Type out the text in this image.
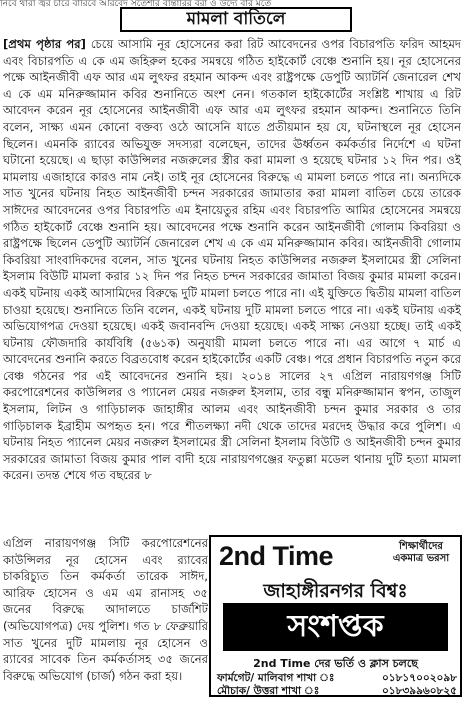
নিবে থারা জ্বর চারে বারিবে আরবেদ সতেশার বান্তারির বরা ও উদ্যে বার মতে
মামলা বাতিলে

[প্রথম পৃষ্ঠার পর] চেয়ে আসামি নূর হোসেনের করা রিট আবেদনের ওপর বিচারপতি ফরিদ আহমদ এবং বিচারপতি এ কে এম জহিরুল হকের সমন্বয়ে গঠিত হাইকোর্ট বেঞ্চে শুনানি হয়। নূর হোসেনের পক্ষে আইনজীবী এফ আর এম লুৎফর রহমান আকন্দ এবং রাষ্ট্রপক্ষে ডেপুটি অ্যাটর্নি জেনারেল শেখ এ কে এম মনিরুজ্জামান কবির শুনানিতে অংশ নেন। গতকাল হাইকোর্টের সংশ্লিষ্ট শাখায় এ রিট আবেদন করেন নূর হোসেনের আইনজীবী এফ আর এম লুৎফর রহমান আকন্দ। শুনানিতে তিনি বলেন, সাক্ষ্য এমন কোনো বক্তব্য ওঠে আসেনি যাতে প্রতীয়মান হয় যে, ঘটনাস্থলে নূর হোসেন ছিলেন। এমনকি র‌্যাবের অভিযুক্ত সদস্যরা বলেছেন, তাদের ঊর্ধ্বতন কর্মকর্তার নির্দেশে এ ঘটনা ঘটানো হয়েছে। এ ছাড়া কাউন্সিলর নজরুলের স্ত্রীর করা মামলা ও হয়েছে ঘটনার ১২ দিন পর। ওই মামলায় এজাহারে কারও নাম নেই। তাই নূর হোসেনের বিরুদ্ধে এ মামলা চলতে পারে না। অন্যদিকে সাত খুনের ঘটনায় নিহত আইনজীবী চন্দন সরকারের জামাতার করা মামলা বাতিল চেয়ে তারেক সাঈদের আবেদনের ওপর বিচারপতি এম ইনায়েতুর রহিম এবং বিচারপতি আমির হোসেনের সমন্বয়ে গঠিত হাইকোর্ট বেঞ্চে শুনানি হয়। আবেদনের পক্ষে শুনানি করেন আইনজীবী গোলাম কিবরিয়া ও রাষ্ট্রপক্ষে ছিলেন ডেপুটি অ্যাটর্নি জেনারেল শেখ এ কে এম মনিরুজ্জামান কবির। আইনজীবী গোলাম কিবরিয়া সাংবাদিকদের বলেন, সাত খুনের ঘটনায় নিহত কাউন্সিলর নজরুল ইসলামের স্ত্রী সেলিনা ইসলাম বিউটি মামলা করার ১২ দিন পর নিহত চন্দন সরকারের জামাতা বিজয় কুমার মামলা করেন। একই ঘটনায় একই আসামিদের বিরুদ্ধে দুটি মামলা চলতে পারে না। এই যুক্তিতে দ্বিতীয় মামলা বাতিল চাওয়া হয়েছে। শুনানিতে তিনি বলেন, একই ঘটনায় দুটি মামলা চলতে পারে না। একই ঘটনায় একই অভিযোগপত্র দেওয়া হয়েছে। একই জবানবন্দি দেওয়া হয়েছে। একই সাক্ষ্য নেওয়া হচ্ছে। তাই একই ঘটনায় ফৌজদারি কার্যবিধি (৫৬১ক) অনুযায়ী মামলা চলতে পারে না। এর আগে ৭ মার্চ এ আবেদনের শুনানি করতে বিব্রতবোধ করেন হাইকোর্টের একটি বেঞ্চ। পরে প্রধান বিচারপতি নতুন করে বেঞ্চ গঠনের পর এই আবেদনের শুনানি হয়। ২০১৪ সালের ২৭ এপ্রিল নারায়ণগঞ্জ সিটি করপোরেশনের কাউন্সিলর ও প্যানেল মেয়র নজরুল ইসলাম, তার বন্ধু মনিরুজ্জামান স্বপন, তাজুল ইসলাম, লিটন ও গাড়িচালক জাহাঙ্গীর আলম এবং আইনজীবী চন্দন কুমার সরকার ও তার গাড়িচালক ইব্রাহীম অপহৃত হন। পরে শীতলক্ষ্যা নদী থেকে তাদের মরদেহ উদ্ধার করে পুলিশ। এ ঘটনায় নিহত প্যানেল মেয়র নজরুল ইসলামের স্ত্রী সেলিনা ইসলাম বিউটি ও আইনজীবী চন্দন কুমার সরকারের জামাতা বিজয় কুমার পাল বাদী হয়ে নারায়ণগঞ্জের ফতুল্লা মডেল থানায় দুটি হত্যা মামলা করেন। তদন্ত শেষে গত বছরের ৮

এপ্রিল নারায়ণগঞ্জ সিটি করপোরেশনের কাউন্সিলর নূর হোসেন এবং র‌্যাবের চাকরিচ্যুত তিন কর্মকর্তা তারেক সাঈদ, আরিফ হোসেন ও এম এম রানাসহ ৩৫ জনের বিরুদ্ধে আদালতে চার্জশিট (অভিযোগপত্র) দেয় পুলিশ। গত ৮ ফেব্রুয়ারি সাত খুনের দুটি মামলায় নূর হোসেন ও র‌্যাবের সাবেক তিন কর্মকর্তাসহ ৩৫ জনের বিরুদ্ধে অভিযোগ (চার্জ) গঠন করা হয়।
2nd Time	শিক্ষার্থীদের একমাত্র ভরসা
জাহাঙ্গীরনগর বিশ্বঃ
সংশপ্তক
2nd Time দের ভর্তি ও ক্লাস চলছে
ফার্মগেট/ মালিবাগ শাখা ঃ	০১৮১৭০০২০৯৮
মৌচাক/ উত্তরা শাখা ঃ	০১৮৩৯৯৬০৮২৫
